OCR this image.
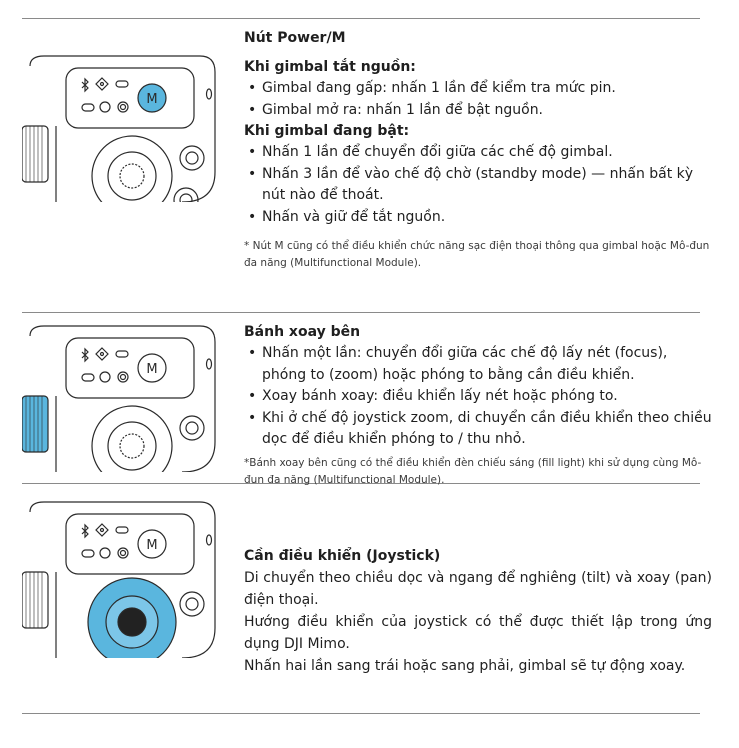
M
Nút Power/M
Khi gimbal tắt nguồn:
• Gimbal đang gấp: nhấn 1 lần để kiểm tra mức pin.
• Gimbal mở ra: nhấn 1 lần để bật nguồn.
Khi gimbal đang bật:
• Nhấn 1 lần để chuyển đổi giữa các chế độ gimbal.
• Nhấn 3 lần để vào chế độ chờ (standby mode) — nhấn bất kỳ nút nào để thoát.
• Nhấn và giữ để tắt nguồn.
* Nút M cũng có thể điều khiển chức năng sạc điện thoại thông qua gimbal hoặc Mô-đun đa năng (Multifunctional Module).
M
Bánh xoay bên
• Nhấn một lần: chuyển đổi giữa các chế độ lấy nét (focus), phóng to (zoom) hoặc phóng to bằng cần điều khiển.
• Xoay bánh xoay: điều khiển lấy nét hoặc phóng to.
• Khi ở chế độ joystick zoom, di chuyển cần điều khiển theo chiều dọc để điều khiển phóng to / thu nhỏ.
*Bánh xoay bên cũng có thể điều khiển đèn chiếu sáng (fill light) khi sử dụng cùng Mô-đun đa năng (Multifunctional Module).
M
Cần điều khiển (Joystick)
Di chuyển theo chiều dọc và ngang để nghiêng (tilt) và xoay (pan) điện thoại.
Hướng điều khiển của joystick có thể được thiết lập trong ứng dụng DJI Mimo.
Nhấn hai lần sang trái hoặc sang phải, gimbal sẽ tự động xoay.
